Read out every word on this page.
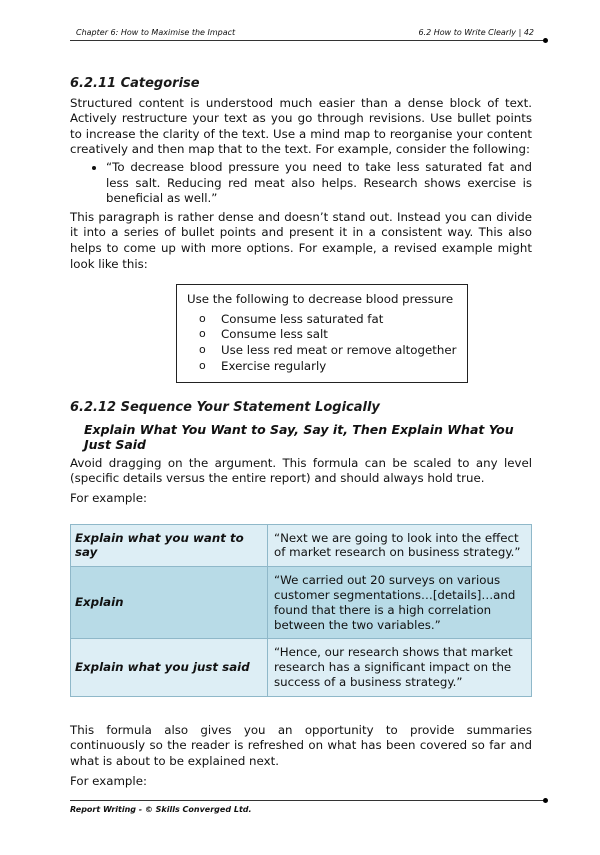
Chapter 6: How to Maximise the Impact	6.2 How to Write Clearly | 42
6.2.11 Categorise

Structured content is understood much easier than a dense block of text. Actively restructure your text as you go through revisions. Use bullet points to increase the clarity of the text. Use a mind map to reorganise your content creatively and then map that to the text. For example, consider the following:

• “To decrease blood pressure you need to take less saturated fat and less salt. Reducing red meat also helps. Research shows exercise is beneficial as well.”

This paragraph is rather dense and doesn’t stand out. Instead you can divide it into a series of bullet points and present it in a consistent way. This also helps to come up with more options. For example, a revised example might look like this:

Use the following to decrease blood pressure
o Consume less saturated fat
o Consume less salt
o Use less red meat or remove altogether
o Exercise regularly
6.2.12 Sequence Your Statement Logically
Explain What You Want to Say, Say it, Then Explain What You Just Said

Avoid dragging on the argument. This formula can be scaled to any level (specific details versus the entire report) and should always hold true.

For example:

Explain what you want to say	“Next we are going to look into the effect of market research on business strategy.”
Explain	“We carried out 20 surveys on various customer segmentations…[details]…and found that there is a high correlation between the two variables.”
Explain what you just said	“Hence, our research shows that market research has a significant impact on the success of a business strategy.”

This formula also gives you an opportunity to provide summaries continuously so the reader is refreshed on what has been covered so far and what is about to be explained next.

For example:

Report Writing - © Skills Converged Ltd.
